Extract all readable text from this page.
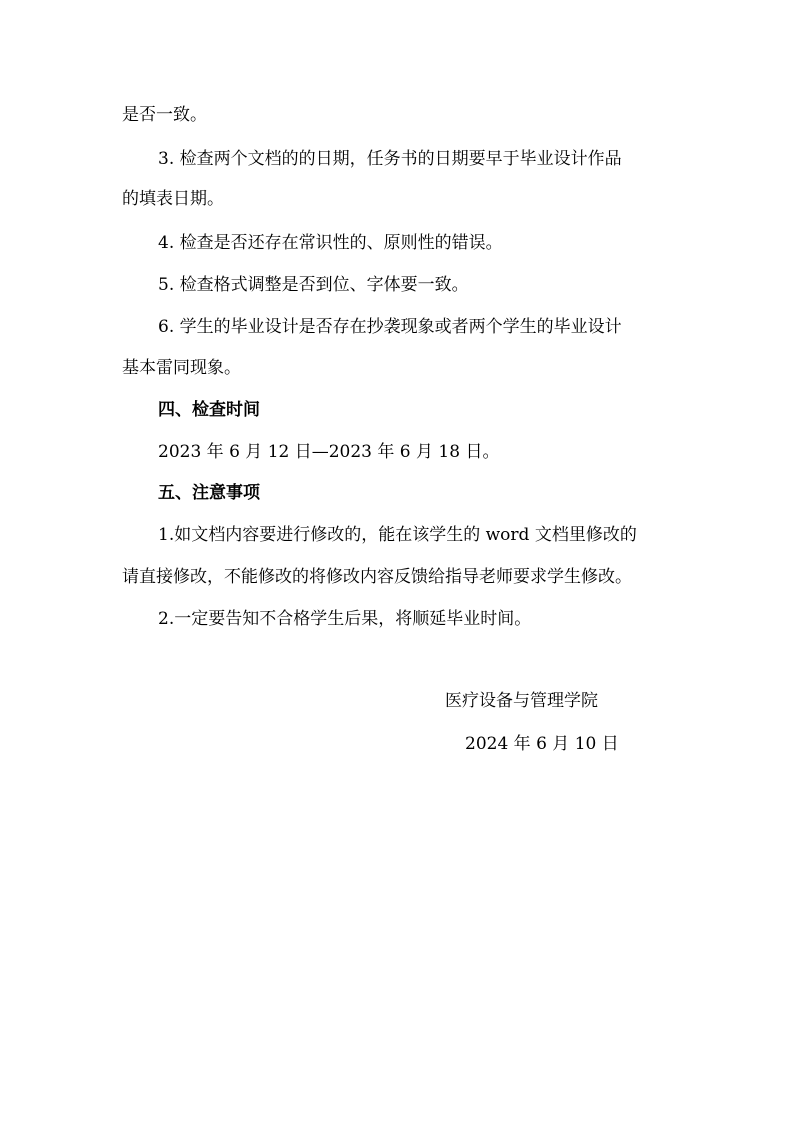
是否一致。
3. 检查两个文档的的日期，任务书的日期要早于毕业设计作品
的填表日期。
4. 检查是否还存在常识性的、原则性的错误。
5. 检查格式调整是否到位、字体要一致。
6. 学生的毕业设计是否存在抄袭现象或者两个学生的毕业设计
基本雷同现象。
四、检查时间
2023 年 6 月 12 日—2023 年 6 月 18 日。
五、注意事项
1.如文档内容要进行修改的，能在该学生的 word 文档里修改的
请直接修改，不能修改的将修改内容反馈给指导老师要求学生修改。
2.一定要告知不合格学生后果，将顺延毕业时间。
医疗设备与管理学院
2024 年 6 月 10 日
